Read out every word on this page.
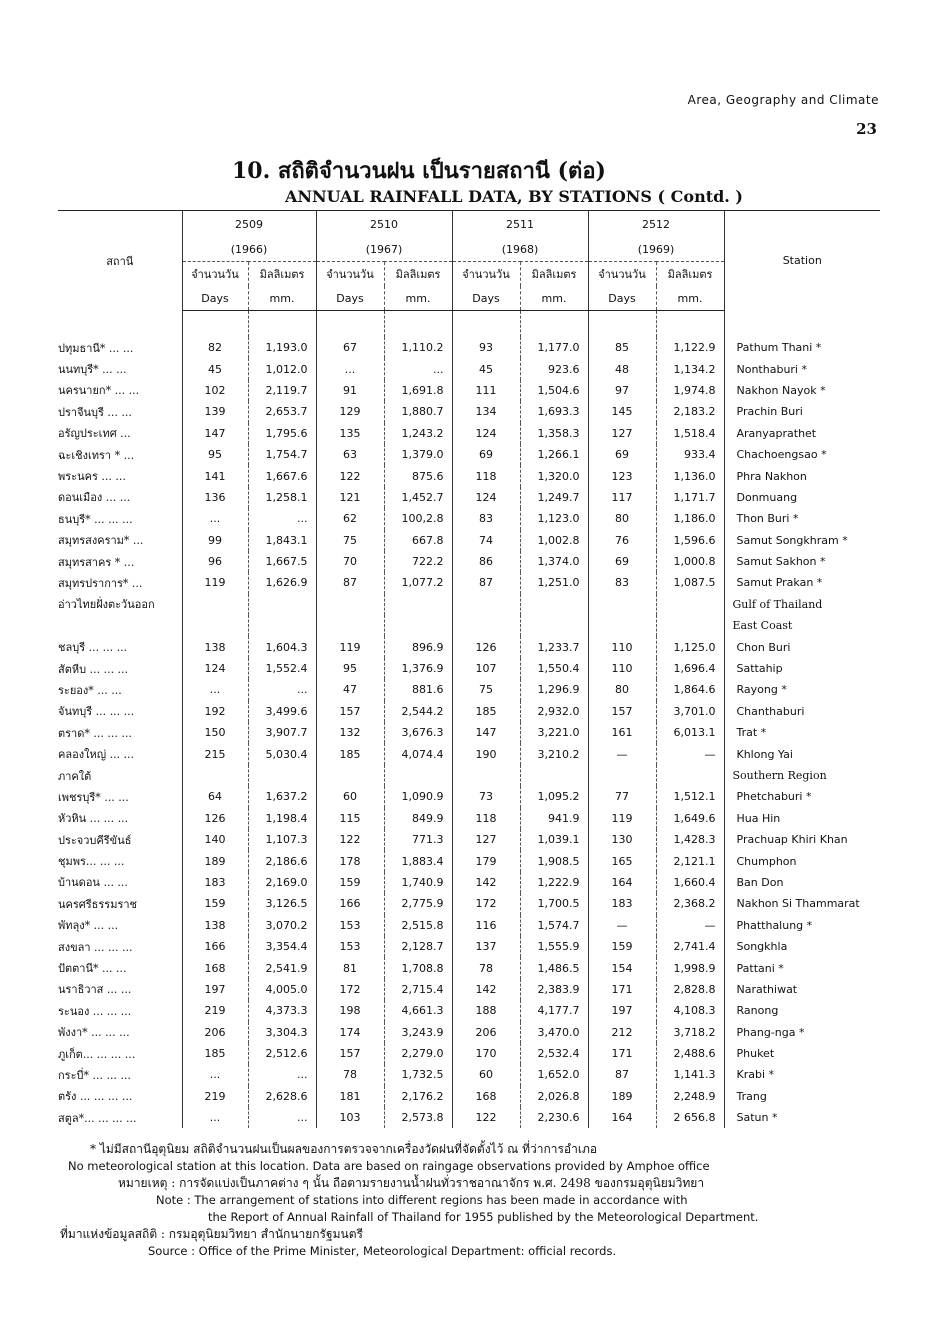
Area, Geography and Climate
23
10. สถิติจำนวนฝน เป็นรายสถานี (ต่อ)
ANNUAL RAINFALL DATA, BY STATIONS ( Contd. )
สถานี	2509		2510		2511		2512		Station
	(1966)		(1967)		(1968)		(1969)		
	จำนวนวัน	มิลลิเมตร	จำนวนวัน	มิลลิเมตร	จำนวนวัน	มิลลิเมตร	จำนวนวัน	มิลลิเมตร	
	Days	mm.	Days	mm.	Days	mm.	Days	mm.	

ปทุมธานี* ... ...	82	1,193.0	67	1,110.2	93	1,177.0	85	1,122.9	Pathum Thani *
นนทบุรี* ... ...	45	1,012.0	...	...	45	923.6	48	1,134.2	Nonthaburi *
นครนายก* ... ...	102	2,119.7	91	1,691.8	111	1,504.6	97	1,974.8	Nakhon Nayok *
ปราจีนบุรี ... ...	139	2,653.7	129	1,880.7	134	1,693.3	145	2,183.2	Prachin Buri
อรัญประเทศ ...	147	1,795.6	135	1,243.2	124	1,358.3	127	1,518.4	Aranyaprathet
ฉะเชิงเทรา * ...	95	1,754.7	63	1,379.0	69	1,266.1	69	933.4	Chachoengsao *
พระนคร ... ...	141	1,667.6	122	875.6	118	1,320.0	123	1,136.0	Phra Nakhon
ดอนเมือง ... ...	136	1,258.1	121	1,452.7	124	1,249.7	117	1,171.7	Donmuang
ธนบุรี* ... ... ...	...	...	62	100,2.8	83	1,123.0	80	1,186.0	Thon Buri *
สมุทรสงคราม* ...	99	1,843.1	75	667.8	74	1,002.8	76	1,596.6	Samut Songkhram *
สมุทรสาคร * ...	96	1,667.5	70	722.2	86	1,374.0	69	1,000.8	Samut Sakhon *
สมุทรปราการ* ...	119	1,626.9	87	1,077.2	87	1,251.0	83	1,087.5	Samut Prakan *
อ่าวไทยฝั่งตะวันออก									Gulf of Thailand
									East Coast
ชลบุรี ... ... ...	138	1,604.3	119	896.9	126	1,233.7	110	1,125.0	Chon Buri
สัตหีบ ... ... ...	124	1,552.4	95	1,376.9	107	1,550.4	110	1,696.4	Sattahip
ระยอง* ... ...	...	...	47	881.6	75	1,296.9	80	1,864.6	Rayong *
จันทบุรี ... ... ...	192	3,499.6	157	2,544.2	185	2,932.0	157	3,701.0	Chanthaburi
ตราด* ... ... ...	150	3,907.7	132	3,676.3	147	3,221.0	161	6,013.1	Trat *
คลองใหญ่ ... ...	215	5,030.4	185	4,074.4	190	3,210.2	—	—	Khlong Yai
ภาคใต้									Southern Region
เพชรบุรี* ... ...	64	1,637.2	60	1,090.9	73	1,095.2	77	1,512.1	Phetchaburi *
หัวหิน ... ... ...	126	1,198.4	115	849.9	118	941.9	119	1,649.6	Hua Hin
ประจวบคีรีขันธ์	140	1,107.3	122	771.3	127	1,039.1	130	1,428.3	Prachuap Khiri Khan
ชุมพร... ... ...	189	2,186.6	178	1,883.4	179	1,908.5	165	2,121.1	Chumphon
บ้านดอน ... ...	183	2,169.0	159	1,740.9	142	1,222.9	164	1,660.4	Ban Don
นครศรีธรรมราช	159	3,126.5	166	2,775.9	172	1,700.5	183	2,368.2	Nakhon Si Thammarat
พัทลุง* ... ...	138	3,070.2	153	2,515.8	116	1,574.7	—	—	Phatthalung *
สงขลา ... ... ...	166	3,354.4	153	2,128.7	137	1,555.9	159	2,741.4	Songkhla
ปัตตานี* ... ...	168	2,541.9	81	1,708.8	78	1,486.5	154	1,998.9	Pattani *
นราธิวาส ... ...	197	4,005.0	172	2,715.4	142	2,383.9	171	2,828.8	Narathiwat
ระนอง ... ... ...	219	4,373.3	198	4,661.3	188	4,177.7	197	4,108.3	Ranong
พังงา* ... ... ...	206	3,304.3	174	3,243.9	206	3,470.0	212	3,718.2	Phang-nga *
ภูเก็ต... ... ... ...	185	2,512.6	157	2,279.0	170	2,532.4	171	2,488.6	Phuket
กระบี่* ... ... ...	...	...	78	1,732.5	60	1,652.0	87	1,141.3	Krabi *
ตรัง ... ... ... ...	219	2,628.6	181	2,176.2	168	2,026.8	189	2,248.9	Trang
สตูล*... ... ... ...	...	...	103	2,573.8	122	2,230.6	164	2 656.8	Satun *
* ไม่มีสถานีอุตุนิยม สถิติจำนวนฝนเป็นผลของการตรวจจากเครื่องวัดฝนที่จัดตั้งไว้ ณ ที่ว่าการอำเภอ
No meteorological station at this location. Data are based on raingage observations provided by Amphoe office
หมายเหตุ : การจัดแบ่งเป็นภาคต่าง ๆ นั้น ถือตามรายงานน้ำฝนทั่วราชอาณาจักร พ.ศ. 2498 ของกรมอุตุนิยมวิทยา
Note : The arrangement of stations into different regions has been made in accordance with
the Report of Annual Rainfall of Thailand for 1955 published by the Meteorological Department.
ที่มาแห่งข้อมูลสถิติ : กรมอุตุนิยมวิทยา สำนักนายกรัฐมนตรี
Source : Office of the Prime Minister, Meteorological Department: official records.
